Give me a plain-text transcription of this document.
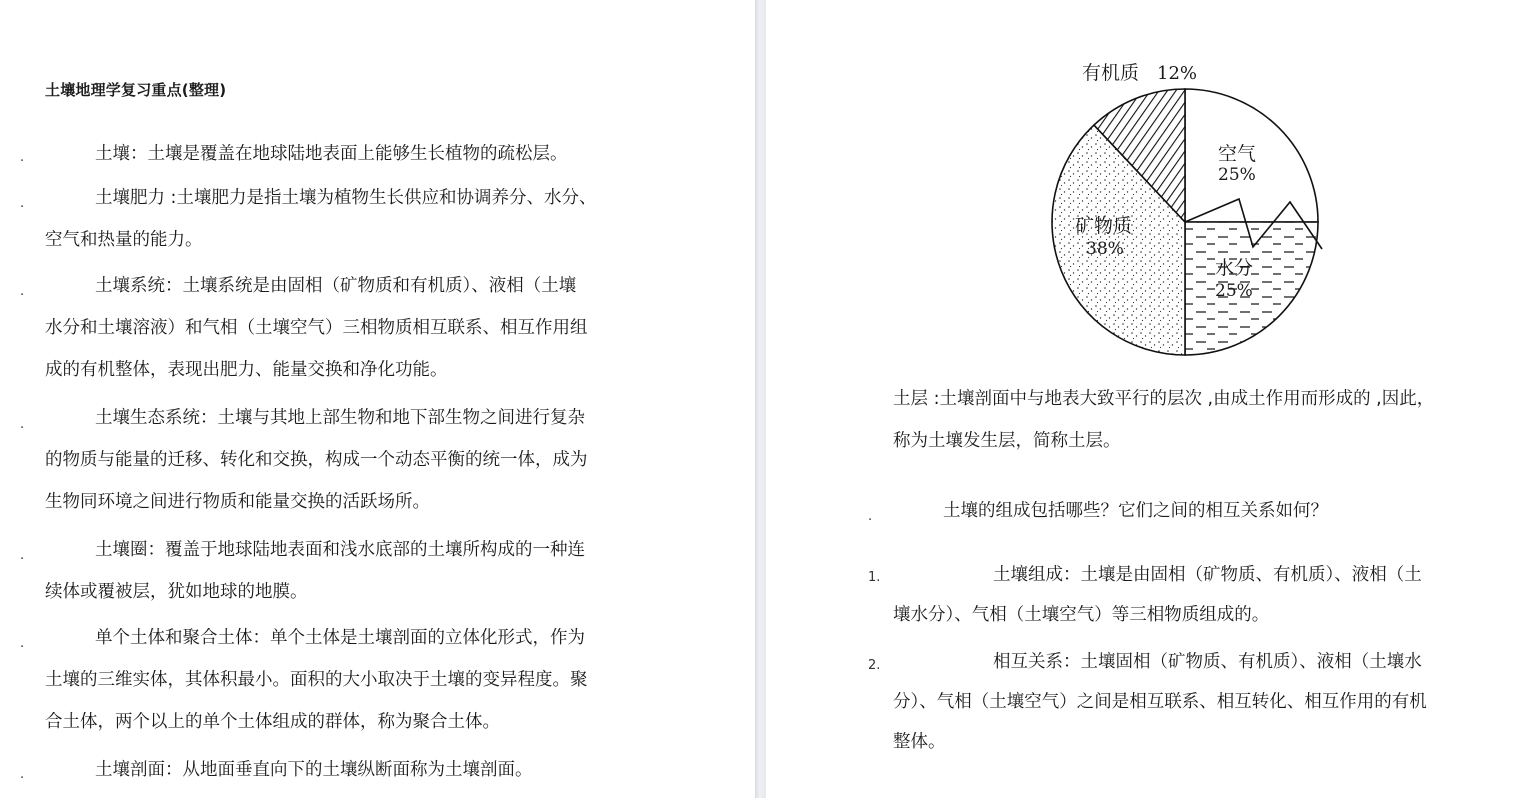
土壤地理学复习重点(整理)
.	土壤：土壤是覆盖在地球陆地表面上能够生长植物的疏松层。
.	土壤肥力 :土壤肥力是指土壤为植物生长供应和协调养分、水分、
空气和热量的能力。
.	土壤系统：土壤系统是由固相（矿物质和有机质）、液相（土壤
水分和土壤溶液）和气相（土壤空气）三相物质相互联系、相互作用组
成的有机整体，表现出肥力、能量交换和净化功能。
.	土壤生态系统：土壤与其地上部生物和地下部生物之间进行复杂
的物质与能量的迁移、转化和交换，构成一个动态平衡的统一体，成为
生物同环境之间进行物质和能量交换的活跃场所。
.	土壤圈：覆盖于地球陆地表面和浅水底部的土壤所构成的一种连
续体或覆被层，犹如地球的地膜。
.	单个土体和聚合土体：单个土体是土壤剖面的立体化形式，作为
土壤的三维实体，其体积最小。面积的大小取决于土壤的变异程度。聚
合土体，两个以上的单个土体组成的群体，称为聚合土体。
.	土壤剖面：从地面垂直向下的土壤纵断面称为土壤剖面。
有机质 12%
空气
25%
矿物质
38%
水分
25%
土层 :土壤剖面中与地表大致平行的层次 ,由成土作用而形成的 ,因此，
称为土壤发生层，简称土层。
.	土壤的组成包括哪些？它们之间的相互关系如何？
1.	土壤组成：土壤是由固相（矿物质、有机质）、液相（土
壤水分）、气相（土壤空气）等三相物质组成的。
2.	相互关系：土壤固相（矿物质、有机质）、液相（土壤水
分）、气相（土壤空气）之间是相互联系、相互转化、相互作用的有机
整体。
